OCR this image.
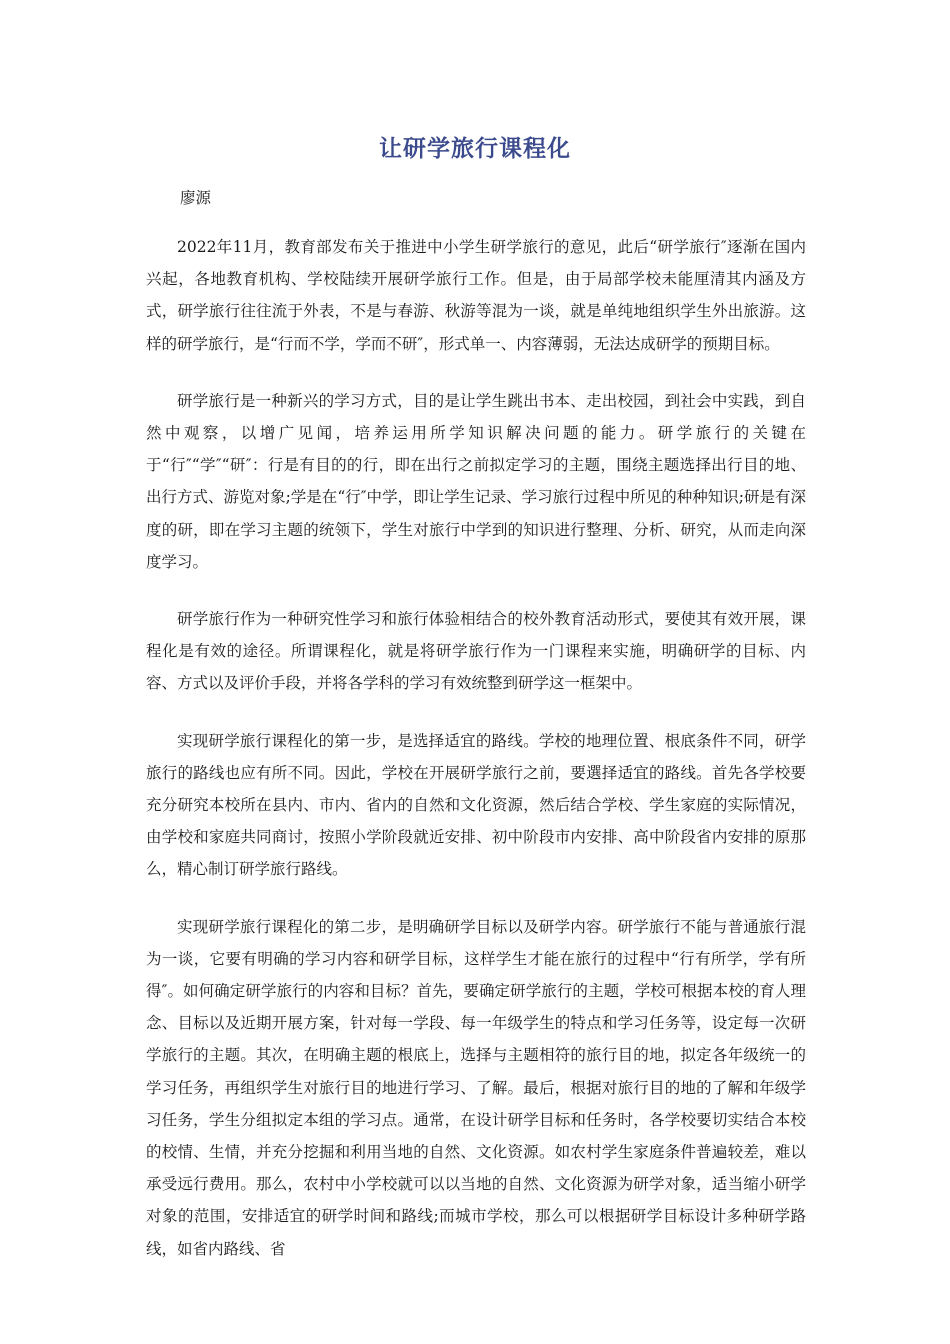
让研学旅行课程化

廖源

2022年11月，教育部发布关于推进中小学生研学旅行的意见，此后“研学旅行″逐渐在国内兴起，各地教育机构、学校陆续开展研学旅行工作。但是，由于局部学校未能厘清其内涵及方式，研学旅行往往流于外表，不是与春游、秋游等混为一谈，就是单纯地组织学生外出旅游。这样的研学旅行，是“行而不学，学而不研″，形式单一、内容薄弱，无法达成研学的预期目标。

研学旅行是一种新兴的学习方式，目的是让学生跳出书本、走出校园，到社会中实践，到自然中观察，以增广见闻，培养运用所学知识解决问题的能力。研学旅行的关键在于“行″“学″“研″：行是有目的的行，即在出行之前拟定学习的主题，围绕主题选择出行目的地、出行方式、游览对象;学是在“行″中学，即让学生记录、学习旅行过程中所见的种种知识;研是有深度的研，即在学习主题的统领下，学生对旅行中学到的知识进行整理、分析、研究，从而走向深度学习。

研学旅行作为一种研究性学习和旅行体验相结合的校外教育活动形式，要使其有效开展，课程化是有效的途径。所谓课程化，就是将研学旅行作为一门课程来实施，明确研学的目标、内容、方式以及评价手段，并将各学科的学习有效统整到研学这一框架中。

实现研学旅行课程化的第一步，是选择适宜的路线。学校的地理位置、根底条件不同，研学旅行的路线也应有所不同。因此，学校在开展研学旅行之前，要選择适宜的路线。首先各学校要充分研究本校所在县内、市内、省内的自然和文化资源，然后结合学校、学生家庭的实际情况，由学校和家庭共同商讨，按照小学阶段就近安排、初中阶段市内安排、高中阶段省内安排的原那么，精心制订研学旅行路线。

实现研学旅行课程化的第二步，是明确研学目标以及研学内容。研学旅行不能与普通旅行混为一谈，它要有明确的学习内容和研学目标，这样学生才能在旅行的过程中“行有所学，学有所得″。如何确定研学旅行的内容和目标？首先，要确定研学旅行的主题，学校可根据本校的育人理念、目标以及近期开展方案，针对每一学段、每一年级学生的特点和学习任务等，设定每一次研学旅行的主题。其次，在明确主题的根底上，选择与主题相符的旅行目的地，拟定各年级统一的学习任务，再组织学生对旅行目的地进行学习、了解。最后，根据对旅行目的地的了解和年级学习任务，学生分组拟定本组的学习点。通常，在设计研学目标和任务时，各学校要切实结合本校的校情、生情，并充分挖掘和利用当地的自然、文化资源。如农村学生家庭条件普遍较差，难以承受远行费用。那么，农村中小学校就可以以当地的自然、文化资源为研学对象，适当缩小研学对象的范围，安排适宜的研学时间和路线;而城市学校，那么可以根据研学目标设计多种研学路线，如省内路线、省
